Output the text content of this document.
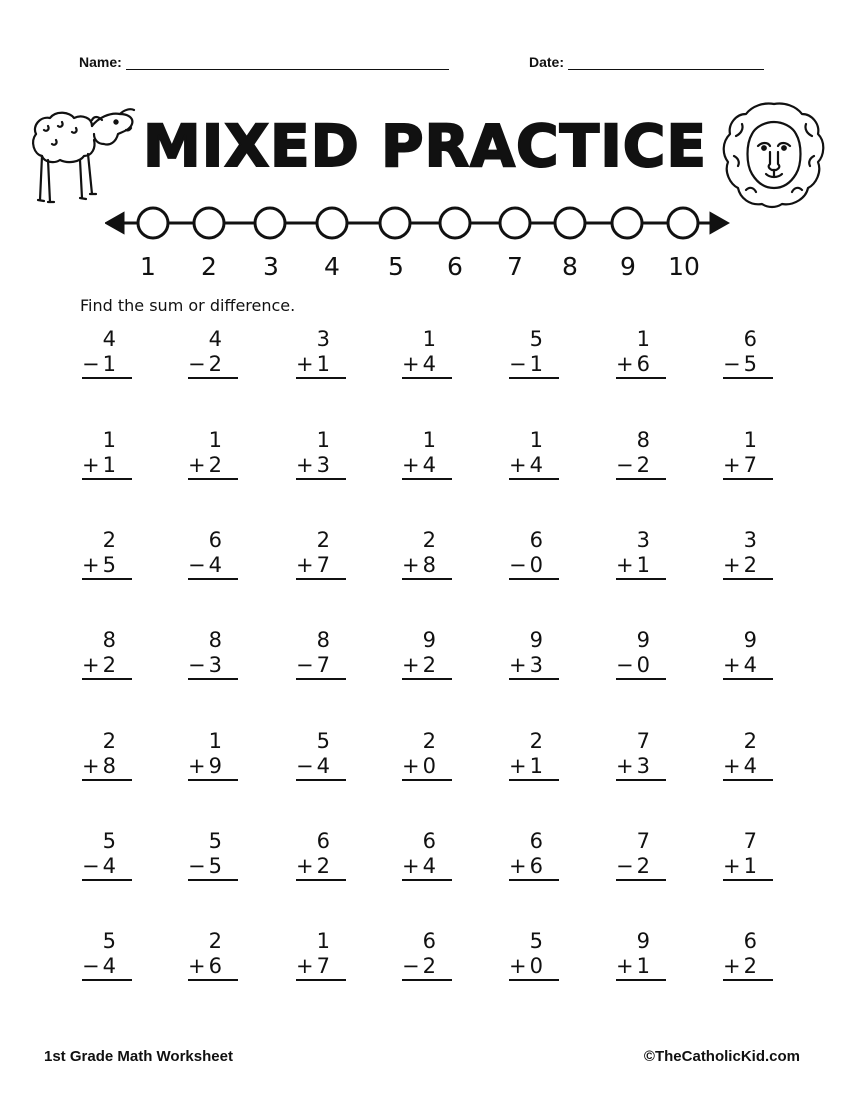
Name:	Date:
MIXED PRACTICE
1	2	3	4	5	6	7	8	9	10
Find the sum or difference.
4
− 1
4
− 2
3
+ 1
1
+ 4
5
− 1
1
+ 6
6
− 5
1
+ 1
1
+ 2
1
+ 3
1
+ 4
1
+ 4
8
− 2
1
+ 7
2
+ 5
6
− 4
2
+ 7
2
+ 8
6
− 0
3
+ 1
3
+ 2
8
+ 2
8
− 3
8
− 7
9
+ 2
9
+ 3
9
− 0
9
+ 4
2
+ 8
1
+ 9
5
− 4
2
+ 0
2
+ 1
7
+ 3
2
+ 4
5
− 4
5
− 5
6
+ 2
6
+ 4
6
+ 6
7
− 2
7
+ 1
5
− 4
2
+ 6
1
+ 7
6
− 2
5
+ 0
9
+ 1
6
+ 2
1st Grade Math Worksheet	©TheCatholicKid.com
